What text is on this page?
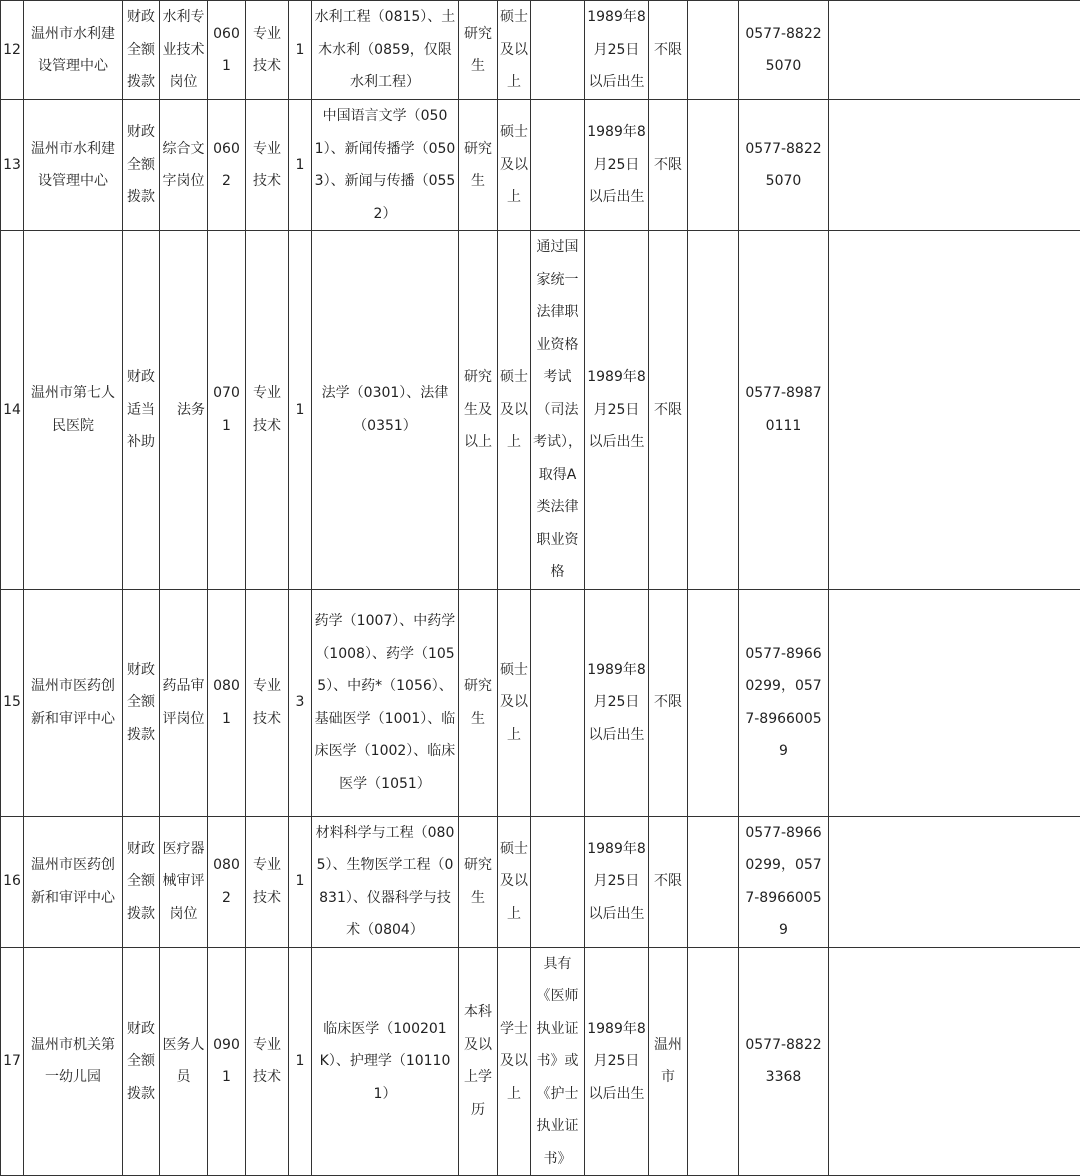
12	温州市水利建设管理中心	财政全额拨款	水利专业技术岗位	0601	专业技术	1	水利工程（0815）、土木水利（0859，仅限水利工程）	研究生	硕士及以上		1989年8月25日以后出生	不限		0577-88225070	
13	温州市水利建设管理中心	财政全额拨款	综合文字岗位	0602	专业技术	1	中国语言文学（0501）、新闻传播学（0503）、新闻与传播（0552）	研究生	硕士及以上		1989年8月25日以后出生	不限		0577-88225070	
14	温州市第七人民医院	财政适当补助	法务	0701	专业技术	1	法学（0301）、法律（0351）	研究生及以上	硕士及以上	通过国家统一法律职业资格考试（司法考试），取得A类法律职业资格	1989年8月25日以后出生	不限		0577-89870111	
15	温州市医药创新和审评中心	财政全额拨款	药品审评岗位	0801	专业技术	3	药学（1007）、中药学（1008）、药学（1055）、中药*（1056）、基础医学（1001）、临床医学（1002）、临床医学（1051）	研究生	硕士及以上		1989年8月25日以后出生	不限		0577-89660299，0577-89660059	
16	温州市医药创新和审评中心	财政全额拨款	医疗器械审评岗位	0802	专业技术	1	材料科学与工程（0805）、生物医学工程（0831）、仪器科学与技术（0804）	研究生	硕士及以上		1989年8月25日以后出生	不限		0577-89660299，0577-89660059	
17	温州市机关第一幼儿园	财政全额拨款	医务人员	0901	专业技术	1	临床医学（100201K）、护理学（101101）	本科及以上学历	学士及以上	具有《医师执业证书》或《护士执业证书》	1989年8月25日以后出生	温州市		0577-88223368	
